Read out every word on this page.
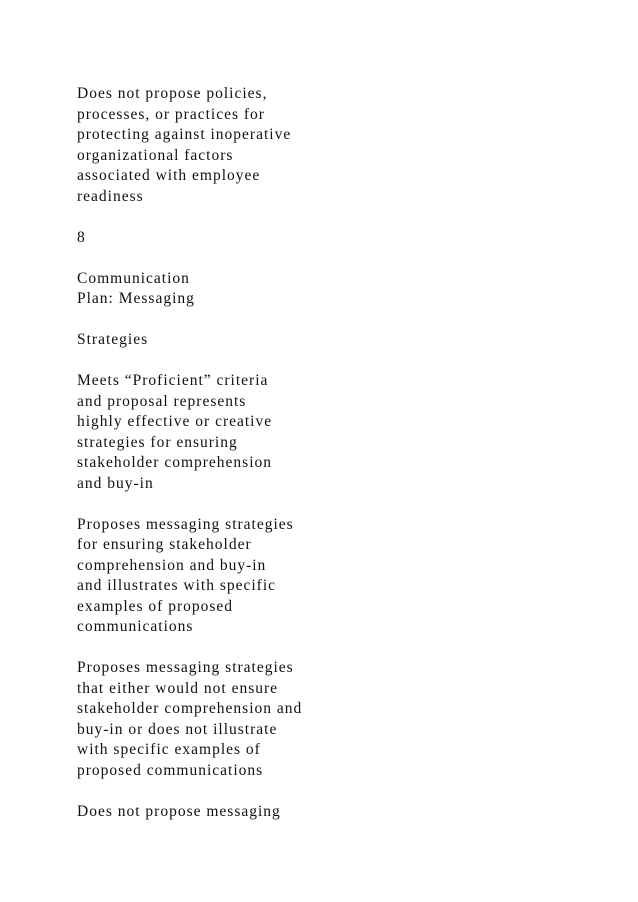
Does not propose policies,
processes, or practices for
protecting against inoperative
organizational factors
associated with employee
readiness

8

Communication
Plan: Messaging

Strategies

Meets “Proficient” criteria
and proposal represents
highly effective or creative
strategies for ensuring
stakeholder comprehension
and buy-in

Proposes messaging strategies
for ensuring stakeholder
comprehension and buy-in
and illustrates with specific
examples of proposed
communications

Proposes messaging strategies
that either would not ensure
stakeholder comprehension and
buy-in or does not illustrate
with specific examples of
proposed communications

Does not propose messaging
